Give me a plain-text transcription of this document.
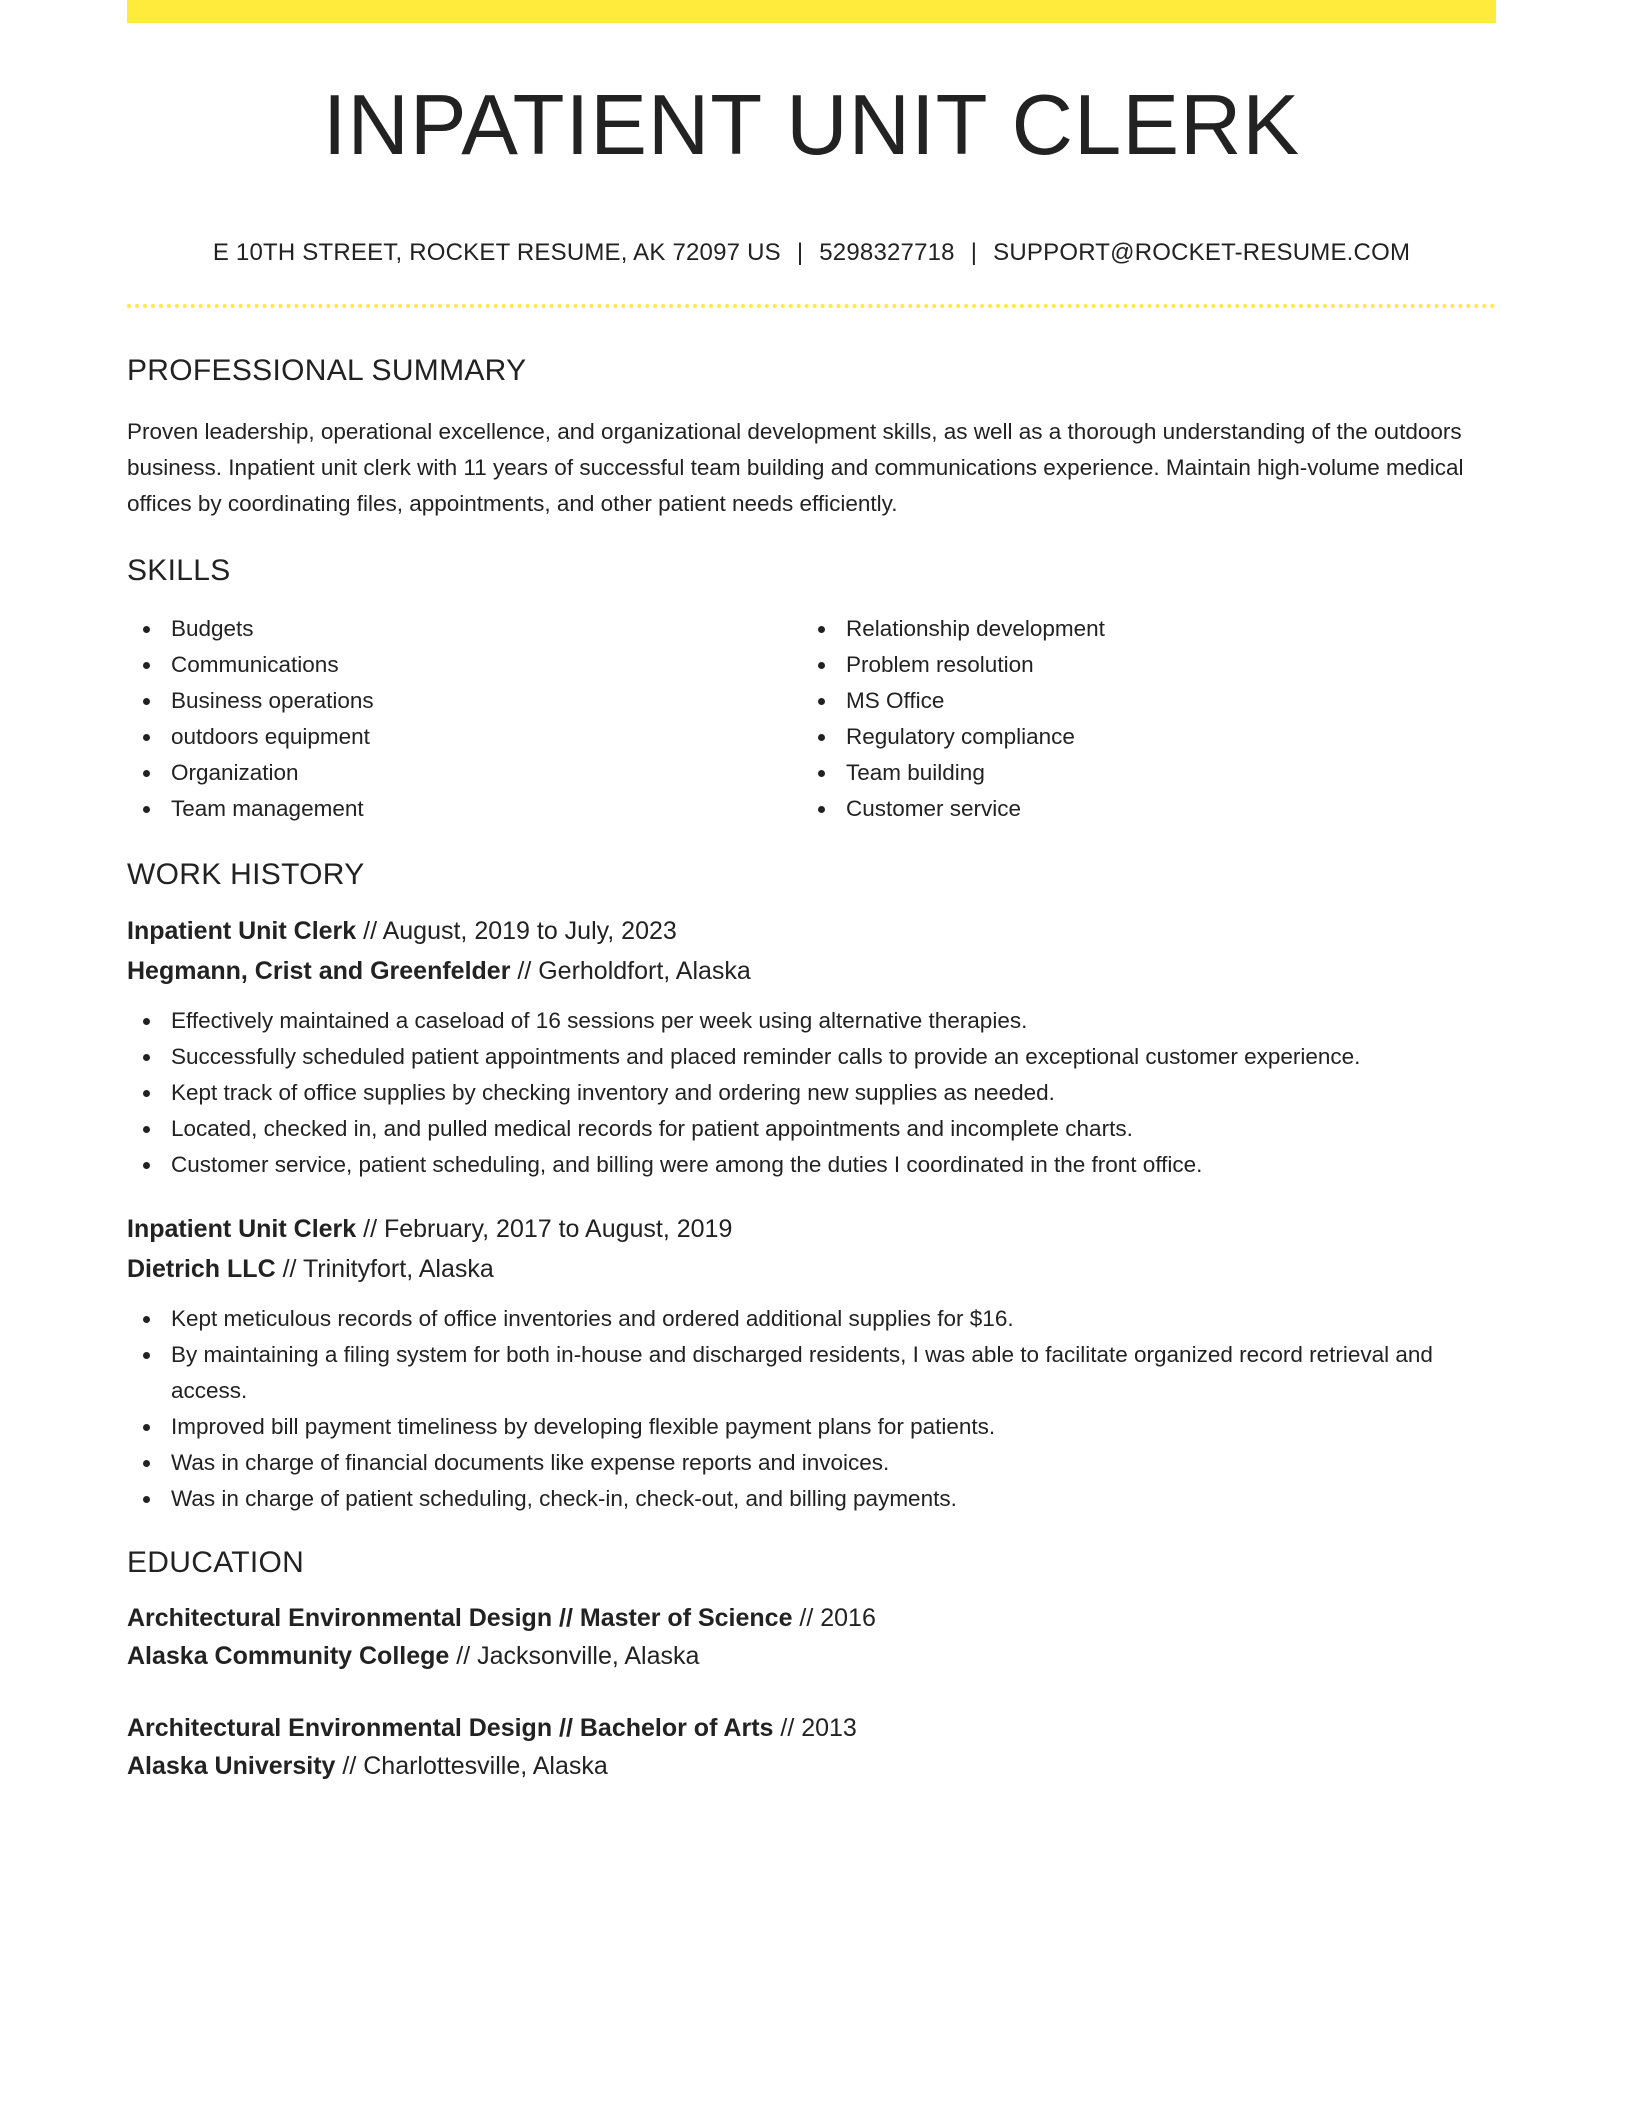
INPATIENT UNIT CLERK
E 10TH STREET, ROCKET RESUME, AK 72097 US | 5298327718 | SUPPORT@ROCKET-RESUME.COM
PROFESSIONAL SUMMARY

Proven leadership, operational excellence, and organizational development skills, as well as a thorough understanding of the outdoors business. Inpatient unit clerk with 11 years of successful team building and communications experience. Maintain high-volume medical offices by coordinating files, appointments, and other patient needs efficiently.

SKILLS
Budgets
Communications
Business operations
outdoors equipment
Organization
Team management
Relationship development
Problem resolution
MS Office
Regulatory compliance
Team building
Customer service
WORK HISTORY
Inpatient Unit Clerk // August, 2019 to July, 2023
Hegmann, Crist and Greenfelder // Gerholdfort, Alaska
Effectively maintained a caseload of 16 sessions per week using alternative therapies.
Successfully scheduled patient appointments and placed reminder calls to provide an exceptional customer experience.
Kept track of office supplies by checking inventory and ordering new supplies as needed.
Located, checked in, and pulled medical records for patient appointments and incomplete charts.
Customer service, patient scheduling, and billing were among the duties I coordinated in the front office.
Inpatient Unit Clerk // February, 2017 to August, 2019
Dietrich LLC // Trinityfort, Alaska
Kept meticulous records of office inventories and ordered additional supplies for $16.
By maintaining a filing system for both in-house and discharged residents, I was able to facilitate organized record retrieval and access.
Improved bill payment timeliness by developing flexible payment plans for patients.
Was in charge of financial documents like expense reports and invoices.
Was in charge of patient scheduling, check-in, check-out, and billing payments.
EDUCATION
Architectural Environmental Design // Master of Science // 2016
Alaska Community College // Jacksonville, Alaska
Architectural Environmental Design // Bachelor of Arts // 2013
Alaska University // Charlottesville, Alaska
